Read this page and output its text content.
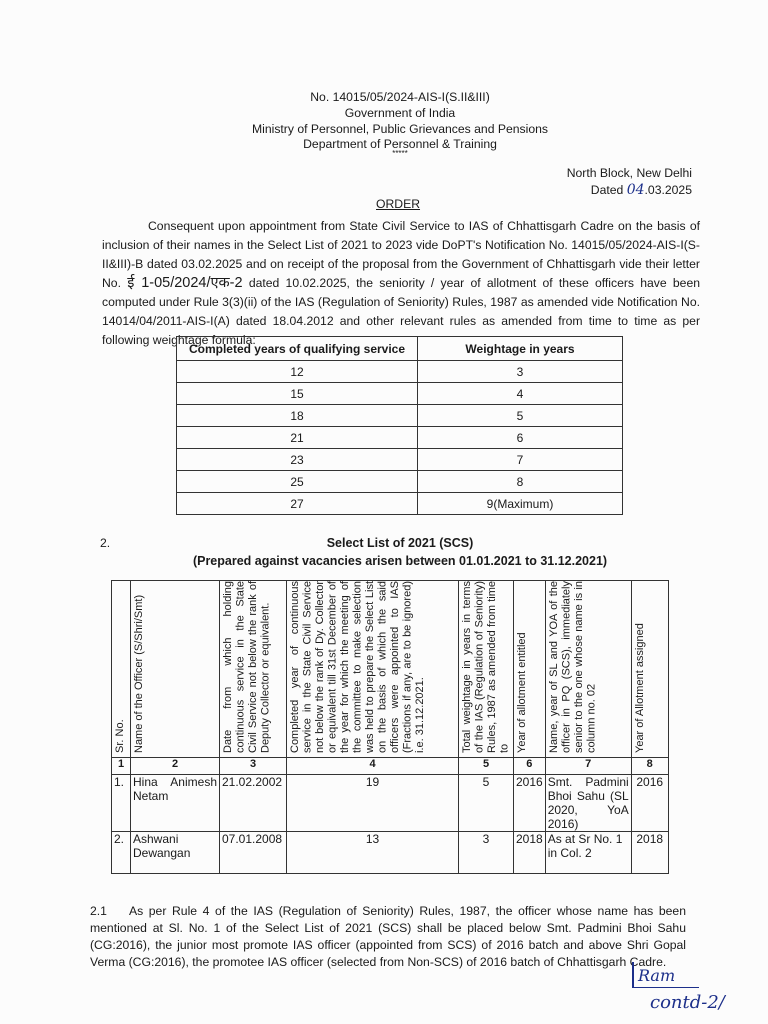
No. 14015/05/2024-AIS-I(S.II&III)
Government of India
Ministry of Personnel, Public Grievances and Pensions
Department of Personnel & Training
*****
North Block, New Delhi
Dated 04.03.2025
ORDER
Consequent upon appointment from State Civil Service to IAS of Chhattisgarh Cadre on the basis of inclusion of their names in the Select List of 2021 to 2023 vide DoPT's Notification No. 14015/05/2024-AIS-I(S-II&III)-B dated 03.02.2025 and on receipt of the proposal from the Government of Chhattisgarh vide their letter No. ई 1-05/2024/एक-2 dated 10.02.2025, the seniority / year of allotment of these officers have been computed under Rule 3(3)(ii) of the IAS (Regulation of Seniority) Rules, 1987 as amended vide Notification No. 14014/04/2011-AIS-I(A) dated 18.04.2012 and other relevant rules as amended from time to time as per following weightage formula:
Completed years of qualifying service	Weightage in years
12	3
15	4
18	5
21	6
23	7
25	8
27	9(Maximum)
2.	Select List of 2021 (SCS)
(Prepared against vacancies arisen between 01.01.2021 to 31.12.2021)
Sr. No.	Name of the Officer (S/Shri/Smt)	Date from which holding continuous service in the State Civil Service not below the rank of Deputy Collector or equivalent.	Completed year of continuous service in the State Civil Service not below the rank of Dy. Collector or equivalent till 31st December of the year for which the meeting of the committee to make selection was held to prepare the Select List on the basis of which the said officers were appointed to IAS (Fractions if any, are to be ignored) i.e. 31.12.2021.	Total weightage in years in terms of the IAS (Regulation of Seniority) Rules, 1987 as amended from time to	Year of allotment entitled	Name, year of SL and YOA of the officer in PQ (SCS), immediately senior to the one whose name is in column no. 02	Year of Allotment assigned

1	2	3	4	5	6	7	8
1.	Hina Animesh Netam	21.02.2002	19	5	2016	Smt. Padmini Bhoi Sahu (SL 2020, YoA 2016)	2016
2.	Ashwani Dewangan	07.01.2008	13	3	2018	As at Sr No. 1 in Col. 2	2018
2.1 As per Rule 4 of the IAS (Regulation of Seniority) Rules, 1987, the officer whose name has been mentioned at Sl. No. 1 of the Select List of 2021 (SCS) shall be placed below Smt. Padmini Bhoi Sahu (CG:2016), the junior most promote IAS officer (appointed from SCS) of 2016 batch and above Shri Gopal Verma (CG:2016), the promotee IAS officer (selected from Non-SCS) of 2016 batch of Chhattisgarh Cadre.
Ram
contd-2/
